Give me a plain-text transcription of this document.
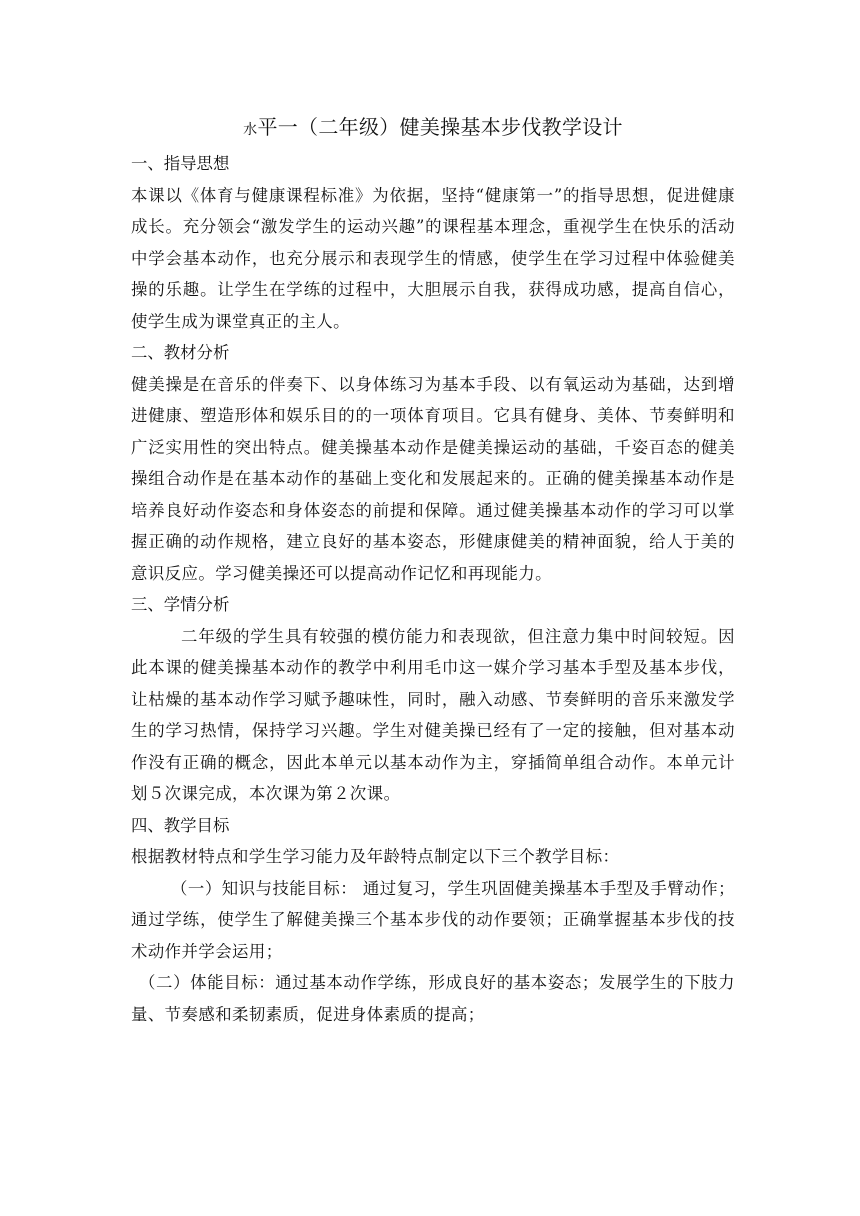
水平一（二年级）健美操基本步伐教学设计

一、指导思想

本课以《体育与健康课程标准》为依据，坚持“健康第一”的指导思想，促进健康成长。充分领会“激发学生的运动兴趣”的课程基本理念，重视学生在快乐的活动中学会基本动作，也充分展示和表现学生的情感，使学生在学习过程中体验健美操的乐趣。让学生在学练的过程中，大胆展示自我，获得成功感，提高自信心，使学生成为课堂真正的主人。

二、教材分析

健美操是在音乐的伴奏下、以身体练习为基本手段、以有氧运动为基础，达到增进健康、塑造形体和娱乐目的的一项体育项目。它具有健身、美体、节奏鲜明和广泛实用性的突出特点。健美操基本动作是健美操运动的基础，千姿百态的健美操组合动作是在基本动作的基础上变化和发展起来的。正确的健美操基本动作是培养良好动作姿态和身体姿态的前提和保障。通过健美操基本动作的学习可以掌握正确的动作规格，建立良好的基本姿态，形健康健美的精神面貌，给人于美的意识反应。学习健美操还可以提高动作记忆和再现能力。

三、学情分析

二年级的学生具有较强的模仿能力和表现欲，但注意力集中时间较短。因此本课的健美操基本动作的教学中利用毛巾这一媒介学习基本手型及基本步伐，让枯燥的基本动作学习赋予趣味性，同时，融入动感、节奏鲜明的音乐来激发学生的学习热情，保持学习兴趣。学生对健美操已经有了一定的接触，但对基本动作没有正确的概念，因此本单元以基本动作为主，穿插简单组合动作。本单元计划５次课完成，本次课为第２次课。

四、教学目标

根据教材特点和学生学习能力及年龄特点制定以下三个教学目标：

（一）知识与技能目标： 通过复习，学生巩固健美操基本手型及手臂动作；通过学练，使学生了解健美操三个基本步伐的动作要领；正确掌握基本步伐的技术动作并学会运用；

（二）体能目标：通过基本动作学练，形成良好的基本姿态；发展学生的下肢力量、节奏感和柔韧素质，促进身体素质的提高；
